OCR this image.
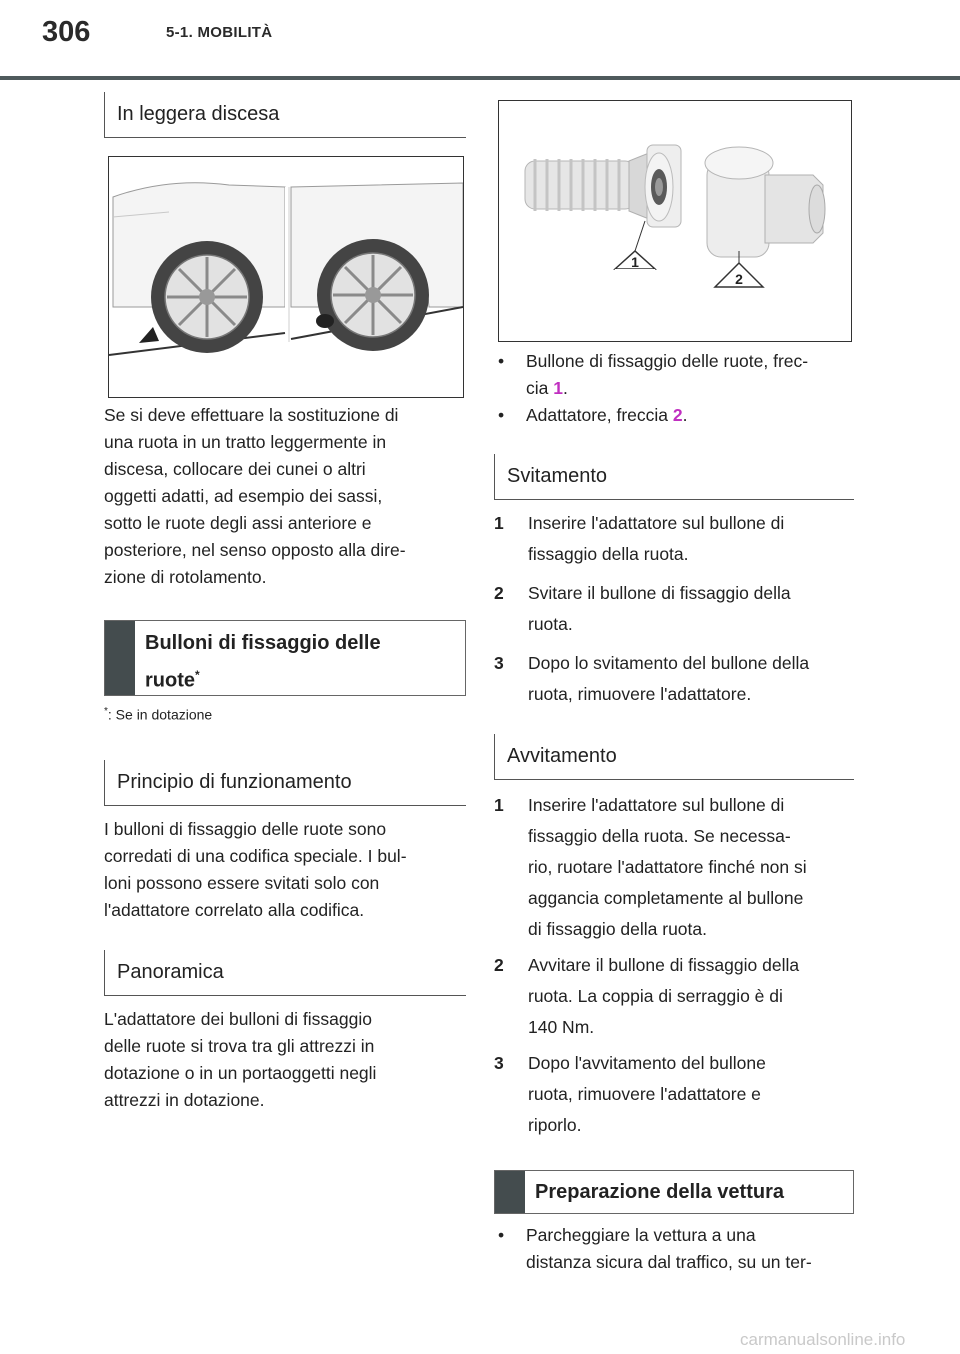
306	5-1. MOBILITÀ
In leggera discesa
Se si deve effettuare la sostituzione di
una ruota in un tratto leggermente in
discesa, collocare dei cunei o altri
oggetti adatti, ad esempio dei sassi,
sotto le ruote degli assi anteriore e
posteriore, nel senso opposto alla dire-
zione di rotolamento.
Bulloni di fissaggio delle
ruote*
*: Se in dotazione
Principio di funzionamento
I bulloni di fissaggio delle ruote sono
corredati di una codifica speciale. I bul-
loni possono essere svitati solo con
l'adattatore correlato alla codifica.
Panoramica
L'adattatore dei bulloni di fissaggio
delle ruote si trova tra gli attrezzi in
dotazione o in un portaoggetti negli
attrezzi in dotazione.
1
2
• Bullone di fissaggio delle ruote, frec-
cia 1.
• Adattatore, freccia 2.
Svitamento
1 Inserire l'adattatore sul bullone di
fissaggio della ruota.
2 Svitare il bullone di fissaggio della
ruota.
3 Dopo lo svitamento del bullone della
ruota, rimuovere l'adattatore.
Avvitamento
1 Inserire l'adattatore sul bullone di
fissaggio della ruota. Se necessa-
rio, ruotare l'adattatore finché non si
aggancia completamente al bullone
di fissaggio della ruota.
2 Avvitare il bullone di fissaggio della
ruota. La coppia di serraggio è di
140 Nm.
3 Dopo l'avvitamento del bullone
ruota, rimuovere l'adattatore e
riporlo.
Preparazione della vettura
• Parcheggiare la vettura a una
distanza sicura dal traffico, su un ter-
carmanualsonline.info
